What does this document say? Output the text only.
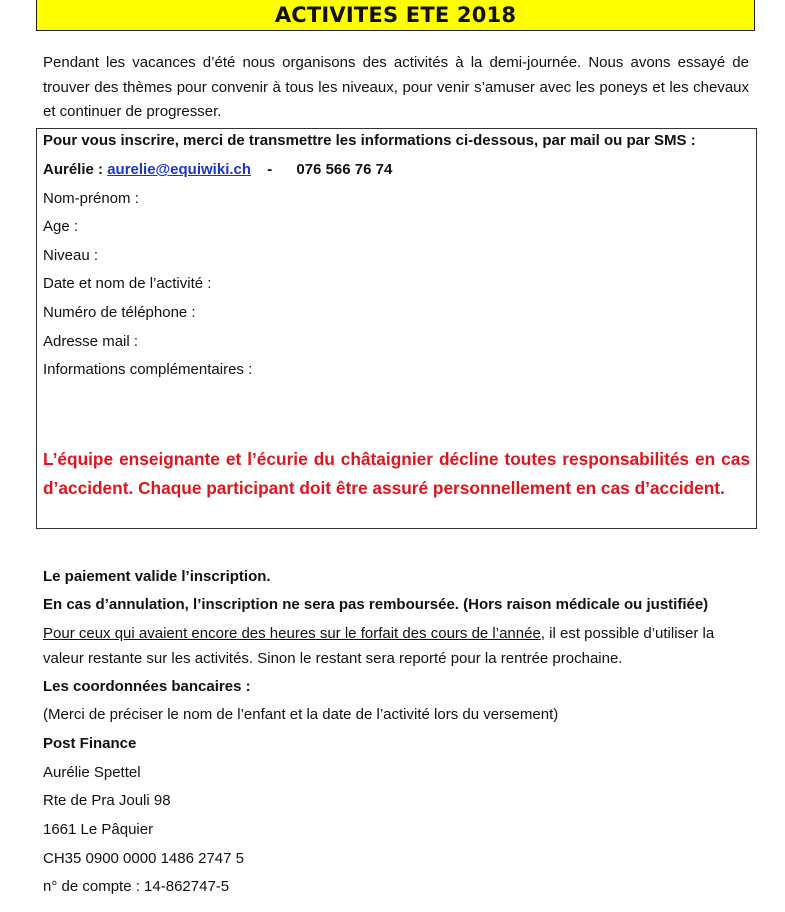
ACTIVITES ETE 2018

Pendant les vacances d’été nous organisons des activités à la demi-journée. Nous avons essayé de trouver des thèmes pour convenir à tous les niveaux, pour venir s’amuser avec les poneys et les chevaux et continuer de progresser.

Pour vous inscrire, merci de transmettre les informations ci-dessous, par mail ou par SMS :

Aurélie : aurelie@equiwiki.ch - 076 566 76 74

Nom-prénom :

Age :

Niveau :

Date et nom de l’activité :

Numéro de téléphone :

Adresse mail :

Informations complémentaires :

L’équipe enseignante et l’écurie du châtaignier décline toutes responsabilités en cas d’accident. Chaque participant doit être assuré personnellement en cas d’accident.

Le paiement valide l’inscription.

En cas d’annulation, l’inscription ne sera pas remboursée. (Hors raison médicale ou justifiée)

Pour ceux qui avaient encore des heures sur le forfait des cours de l’année, il est possible d’utiliser la valeur restante sur les activités. Sinon le restant sera reporté pour la rentrée prochaine.

Les coordonnées bancaires :

(Merci de préciser le nom de l’enfant et la date de l’activité lors du versement)

Post Finance

Aurélie Spettel

Rte de Pra Jouli 98

1661 Le Pâquier

CH35 0900 0000 1486 2747 5

n° de compte : 14-862747-5
